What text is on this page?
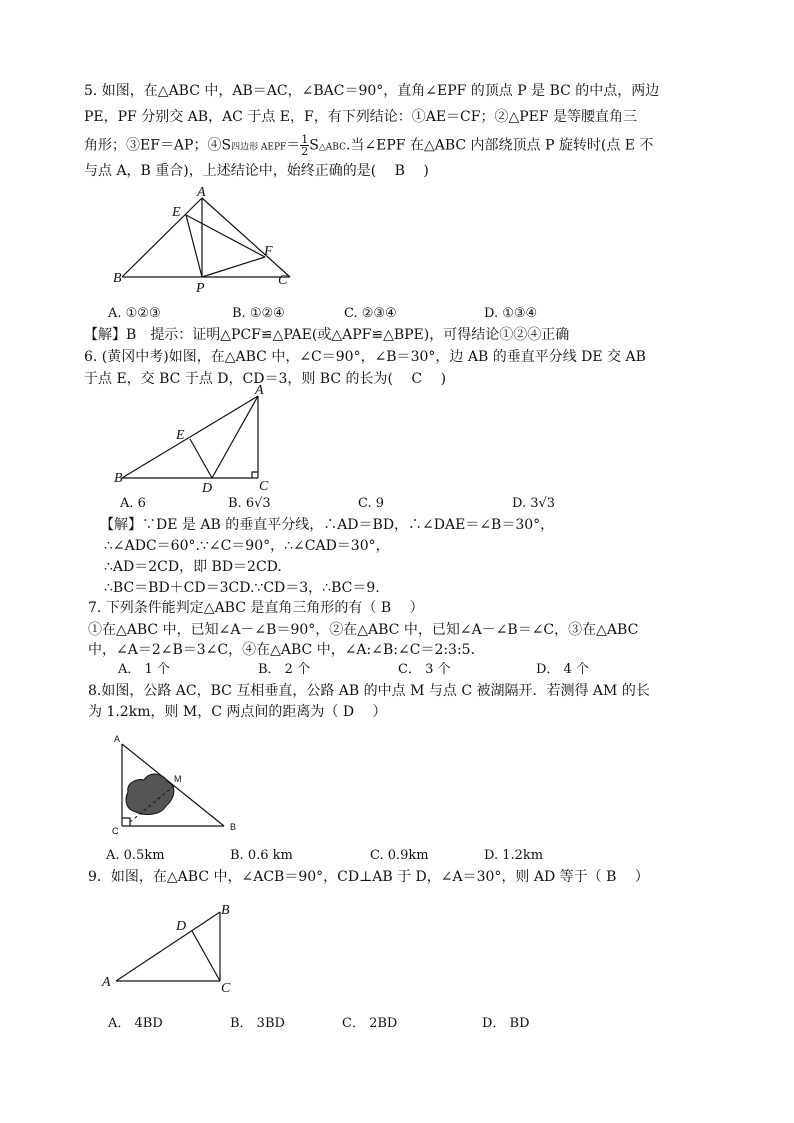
5. 如图，在△ABC 中，AB＝AC，∠BAC＝90°，直角∠EPF 的顶点 P 是 BC 的中点，两边
PE，PF 分别交 AB，AC 于点 E，F，有下列结论：①AE＝CF；②△PEF 是等腰直角三
角形；③EF＝AP；④S四边形 AEPF＝ $\frac{1}{2}$ S△ABC.当∠EPF 在△ABC 内部绕顶点 P 旋转时(点 E 不
与点 A，B 重合)，上述结论中，始终正确的是(　 B　 )
A
E
F
B
P
C
A. ①②③	B. ①②④	C. ②③④	D. ①③④
【解】B　提示：证明△PCF≌△PAE(或△APF≌△BPE)，可得结论①②④正确
6. (黄冈中考)如图，在△ABC 中，∠C＝90°，∠B＝30°，边 AB 的垂直平分线 DE 交 AB
于点 E，交 BC 于点 D，CD＝3，则 BC 的长为(　 C　 )
A
E
B
D	C
A. 6	B. 6√3	C. 9	D. 3√3
【解】∵DE 是 AB 的垂直平分线，∴AD＝BD，∴∠DAE＝∠B＝30°，
∴∠ADC＝60°.∵∠C＝90°，∴∠CAD＝30°，
∴AD＝2CD，即 BD＝2CD.
∴BC＝BD＋CD＝3CD.∵CD＝3，∴BC＝9.
7. 下列条件能判定△ABC 是直角三角形的有（ B　 ）
①在△ABC 中，已知∠A－∠B＝90°，②在△ABC 中，已知∠A－∠B＝∠C，③在△ABC
中，∠A＝2∠B＝3∠C，④在△ABC 中，∠A:∠B:∠C＝2:3:5.
A． 1 个	B． 2 个	C． 3 个	D． 4 个
8.如图，公路 AC，BC 互相垂直，公路 AB 的中点 M 与点 C 被湖隔开．若测得 AM 的长
为 1.2km，则 M，C 两点间的距离为（ D　 ）
A
M
C	B
A. 0.5km	B. 0.6 km	C. 0.9km	D. 1.2km
9．如图，在△ABC 中，∠ACB＝90°，CD⊥AB 于 D，∠A＝30°，则 AD 等于（ B　 ）
A
D
B
C
A． 4BD	B． 3BD	C． 2BD	D． BD
